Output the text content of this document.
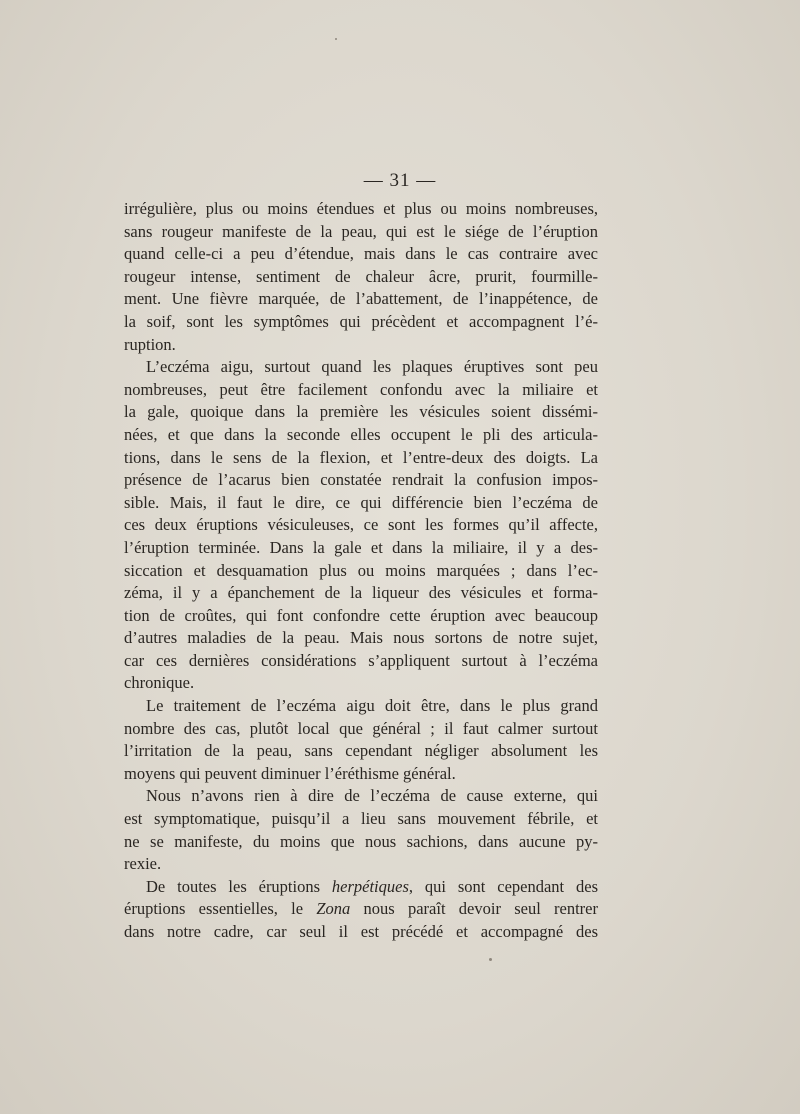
— 31 —
irrégulière, plus ou moins étendues et plus ou moins nombreuses,
sans rougeur manifeste de la peau, qui est le siége de l’éruption
quand celle-ci a peu d’étendue, mais dans le cas contraire avec
rougeur intense, sentiment de chaleur âcre, prurit, fourmille-
ment. Une fièvre marquée, de l’abattement, de l’inappétence, de
la soif, sont les symptômes qui précèdent et accompagnent l’é-
ruption.
L’eczéma aigu, surtout quand les plaques éruptives sont peu
nombreuses, peut être facilement confondu avec la miliaire et
la gale, quoique dans la première les vésicules soient dissémi-
nées, et que dans la seconde elles occupent le pli des articula-
tions, dans le sens de la flexion, et l’entre-deux des doigts. La
présence de l’acarus bien constatée rendrait la confusion impos-
sible. Mais, il faut le dire, ce qui différencie bien l’eczéma de
ces deux éruptions vésiculeuses, ce sont les formes qu’il affecte,
l’éruption terminée. Dans la gale et dans la miliaire, il y a des-
siccation et desquamation plus ou moins marquées ; dans l’ec-
zéma, il y a épanchement de la liqueur des vésicules et forma-
tion de croûtes, qui font confondre cette éruption avec beaucoup
d’autres maladies de la peau. Mais nous sortons de notre sujet,
car ces dernières considérations s’appliquent surtout à l’eczéma
chronique.
Le traitement de l’eczéma aigu doit être, dans le plus grand
nombre des cas, plutôt local que général ; il faut calmer surtout
l’irritation de la peau, sans cependant négliger absolument les
moyens qui peuvent diminuer l’éréthisme général.
Nous n’avons rien à dire de l’eczéma de cause externe, qui
est symptomatique, puisqu’il a lieu sans mouvement fébrile, et
ne se manifeste, du moins que nous sachions, dans aucune py-
rexie.
De toutes les éruptions herpétiques, qui sont cependant des
éruptions essentielles, le Zona nous paraît devoir seul rentrer
dans notre cadre, car seul il est précédé et accompagné des
